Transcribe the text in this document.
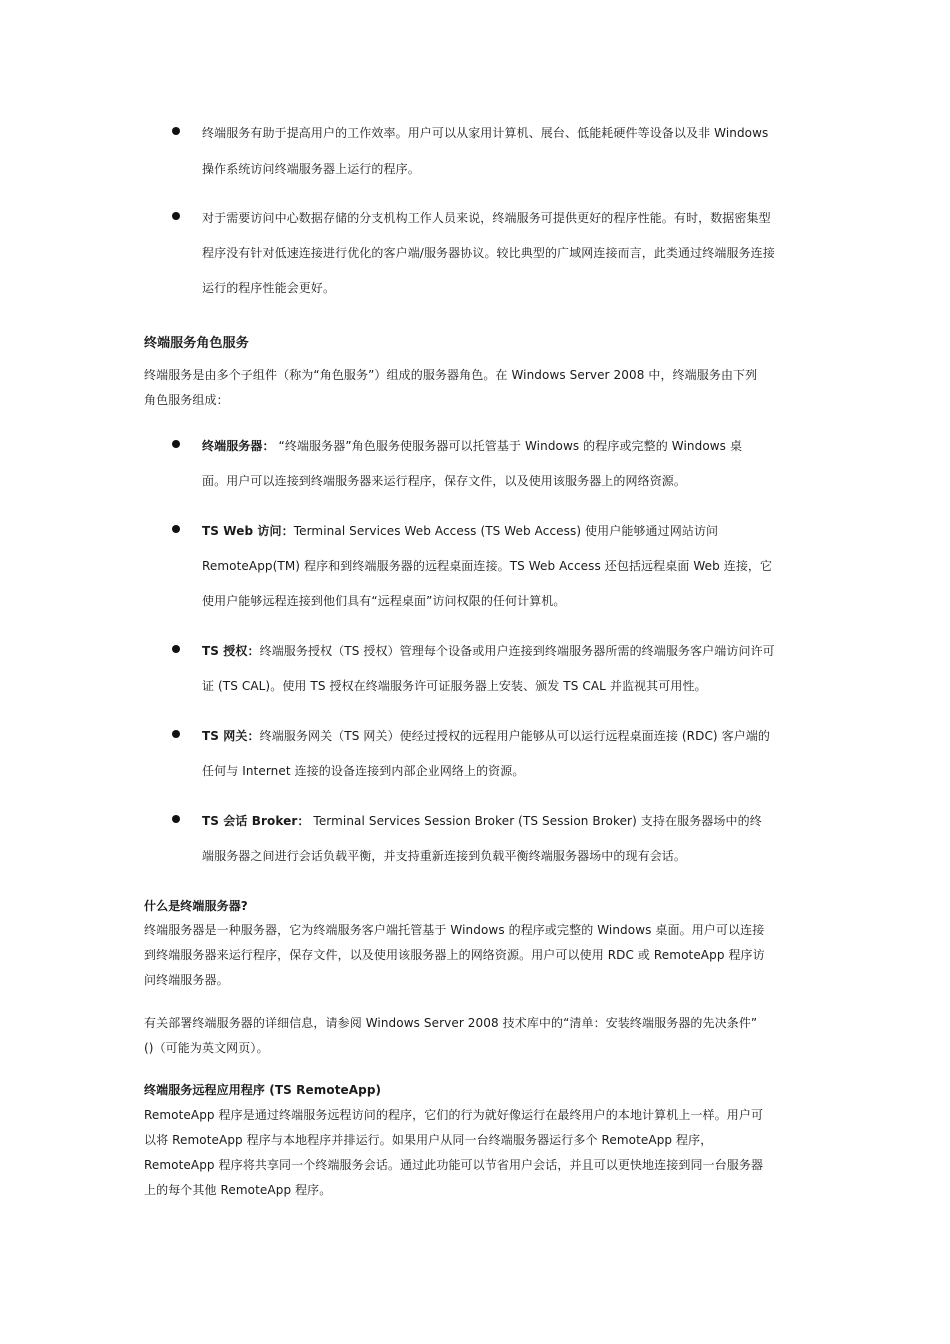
终端服务有助于提高用户的工作效率。用户可以从家用计算机、展台、低能耗硬件等设备以及非 Windows
操作系统访问终端服务器上运行的程序。
对于需要访问中心数据存储的分支机构工作人员来说，终端服务可提供更好的程序性能。有时，数据密集型
程序没有针对低速连接进行优化的客户端/服务器协议。较比典型的广域网连接而言，此类通过终端服务连接
运行的程序性能会更好。
终端服务角色服务
终端服务是由多个子组件（称为“角色服务”）组成的服务器角色。在 Windows Server 2008 中，终端服务由下列
角色服务组成：
终端服务器： “终端服务器”角色服务使服务器可以托管基于 Windows 的程序或完整的 Windows 桌
面。用户可以连接到终端服务器来运行程序，保存文件，以及使用该服务器上的网络资源。
TS Web 访问：Terminal Services Web Access (TS Web Access) 使用户能够通过网站访问
RemoteApp(TM) 程序和到终端服务器的远程桌面连接。TS Web Access 还包括远程桌面 Web 连接，它
使用户能够远程连接到他们具有“远程桌面”访问权限的任何计算机。
TS 授权：终端服务授权（TS 授权）管理每个设备或用户连接到终端服务器所需的终端服务客户端访问许可
证 (TS CAL)。使用 TS 授权在终端服务许可证服务器上安装、颁发 TS CAL 并监视其可用性。
TS 网关：终端服务网关（TS 网关）使经过授权的远程用户能够从可以运行远程桌面连接 (RDC) 客户端的
任何与 Internet 连接的设备连接到内部企业网络上的资源。
TS 会话 Broker： Terminal Services Session Broker (TS Session Broker) 支持在服务器场中的终
端服务器之间进行会话负载平衡，并支持重新连接到负载平衡终端服务器场中的现有会话。
什么是终端服务器?
终端服务器是一种服务器，它为终端服务客户端托管基于 Windows 的程序或完整的 Windows 桌面。用户可以连接
到终端服务器来运行程序，保存文件，以及使用该服务器上的网络资源。用户可以使用 RDC 或 RemoteApp 程序访
问终端服务器。
有关部署终端服务器的详细信息，请参阅 Windows Server 2008 技术库中的“清单：安装终端服务器的先决条件”
()（可能为英文网页）。
终端服务远程应用程序 (TS RemoteApp)
RemoteApp 程序是通过终端服务远程访问的程序，它们的行为就好像运行在最终用户的本地计算机上一样。用户可
以将 RemoteApp 程序与本地程序并排运行。如果用户从同一台终端服务器运行多个 RemoteApp 程序，
RemoteApp 程序将共享同一个终端服务会话。通过此功能可以节省用户会话，并且可以更快地连接到同一台服务器
上的每个其他 RemoteApp 程序。
